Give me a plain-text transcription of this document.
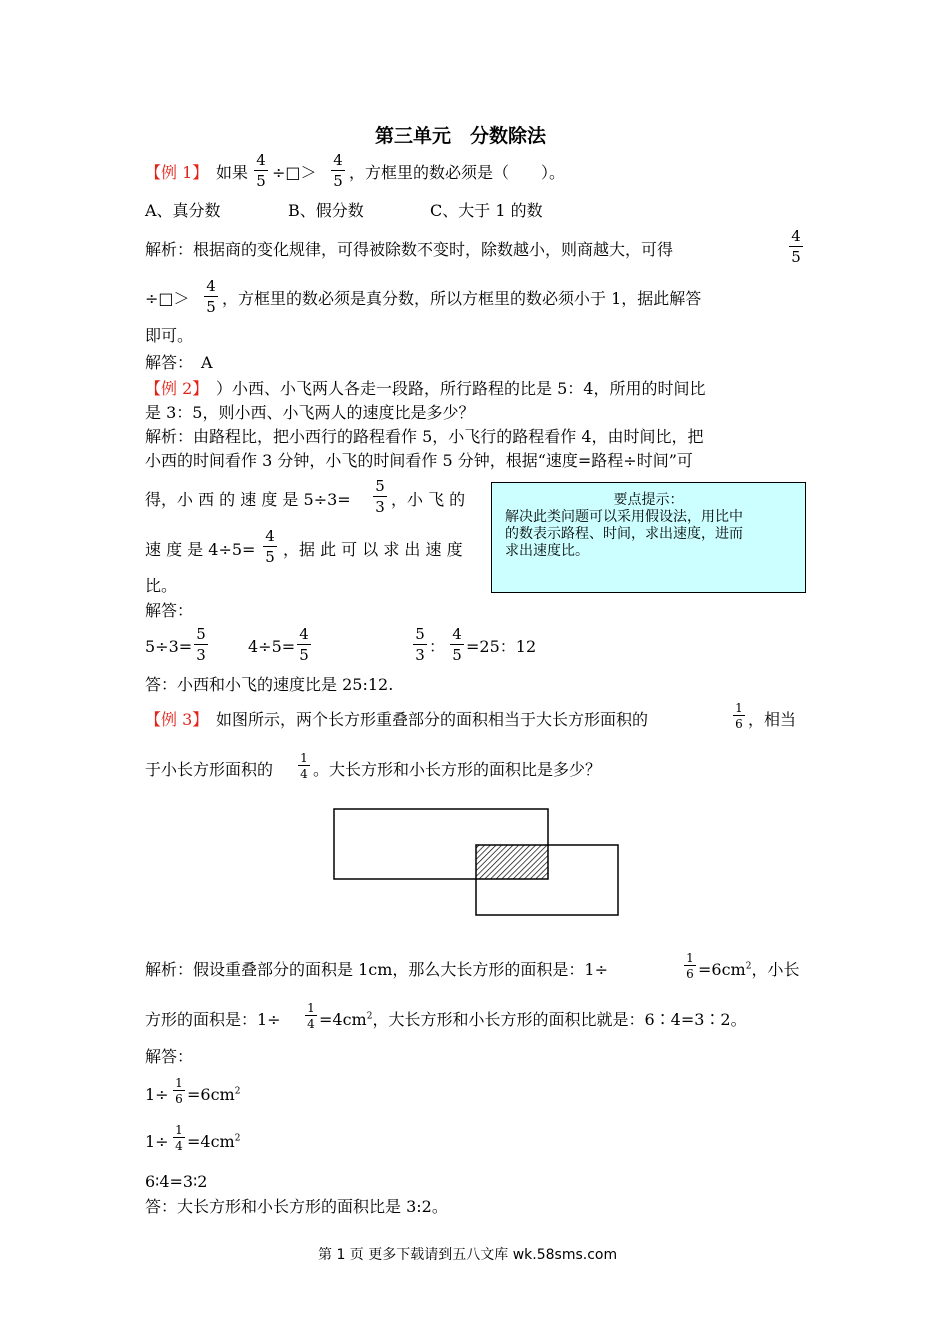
第三单元　分数除法
【例 1】 如果
4
5 ÷□＞
4
5 ，方框里的数必须是（　　）。
A、真分数	B、假分数	C、大于 1 的数
解析：根据商的变化规律，可得被除数不变时，除数越小，则商越大，可得
4
5
÷□＞
4
5 ，方框里的数必须是真分数，所以方框里的数必须小于 1，据此解答
即可。
解答：　A
【例 2】 ）小西、小飞两人各走一段路，所行路程的比是 5：4，所用的时间比
是 3：5，则小西、小飞两人的速度比是多少？
解析：由路程比，把小西行的路程看作 5，小飞行的路程看作 4，由时间比，把
小西的时间看作 3 分钟，小飞的时间看作 5 分钟，根据“速度=路程÷时间”可
得，小 西 的 速 度 是 5÷3=
5
3 ，小 飞 的
速 度 是 4÷5=
4
5 ，据 此 可 以 求 出 速 度
比。
要点提示：
解决此类问题可以采用假设法，用比中
的数表示路程、时间，求出速度，进而
求出速度比。
解答：
5÷3=
5
3	4÷5=
4
5
5
3 ：
4
5 =25：12
答：小西和小飞的速度比是 25:12.
【例 3】 如图所示，两个长方形重叠部分的面积相当于大长方形面积的
1
6 ，相当
于小长方形面积的
1
4 。大长方形和小长方形的面积比是多少？
解析：假设重叠部分的面积是 1cm，那么大长方形的面积是：1÷
1
$6 =6cm^2$，小长
方形的面积是：1÷
1
$4 =4cm^2$，大长方形和小长方形的面积比就是：6∶4=3∶2。
解答：
1÷
1
$6 =6cm^2$
1÷
1
$4 =4cm^2$
6∶4=3∶2
答：大长方形和小长方形的面积比是 3:2。
第 1 页 更多下载请到五八文库 wk.58sms.com
